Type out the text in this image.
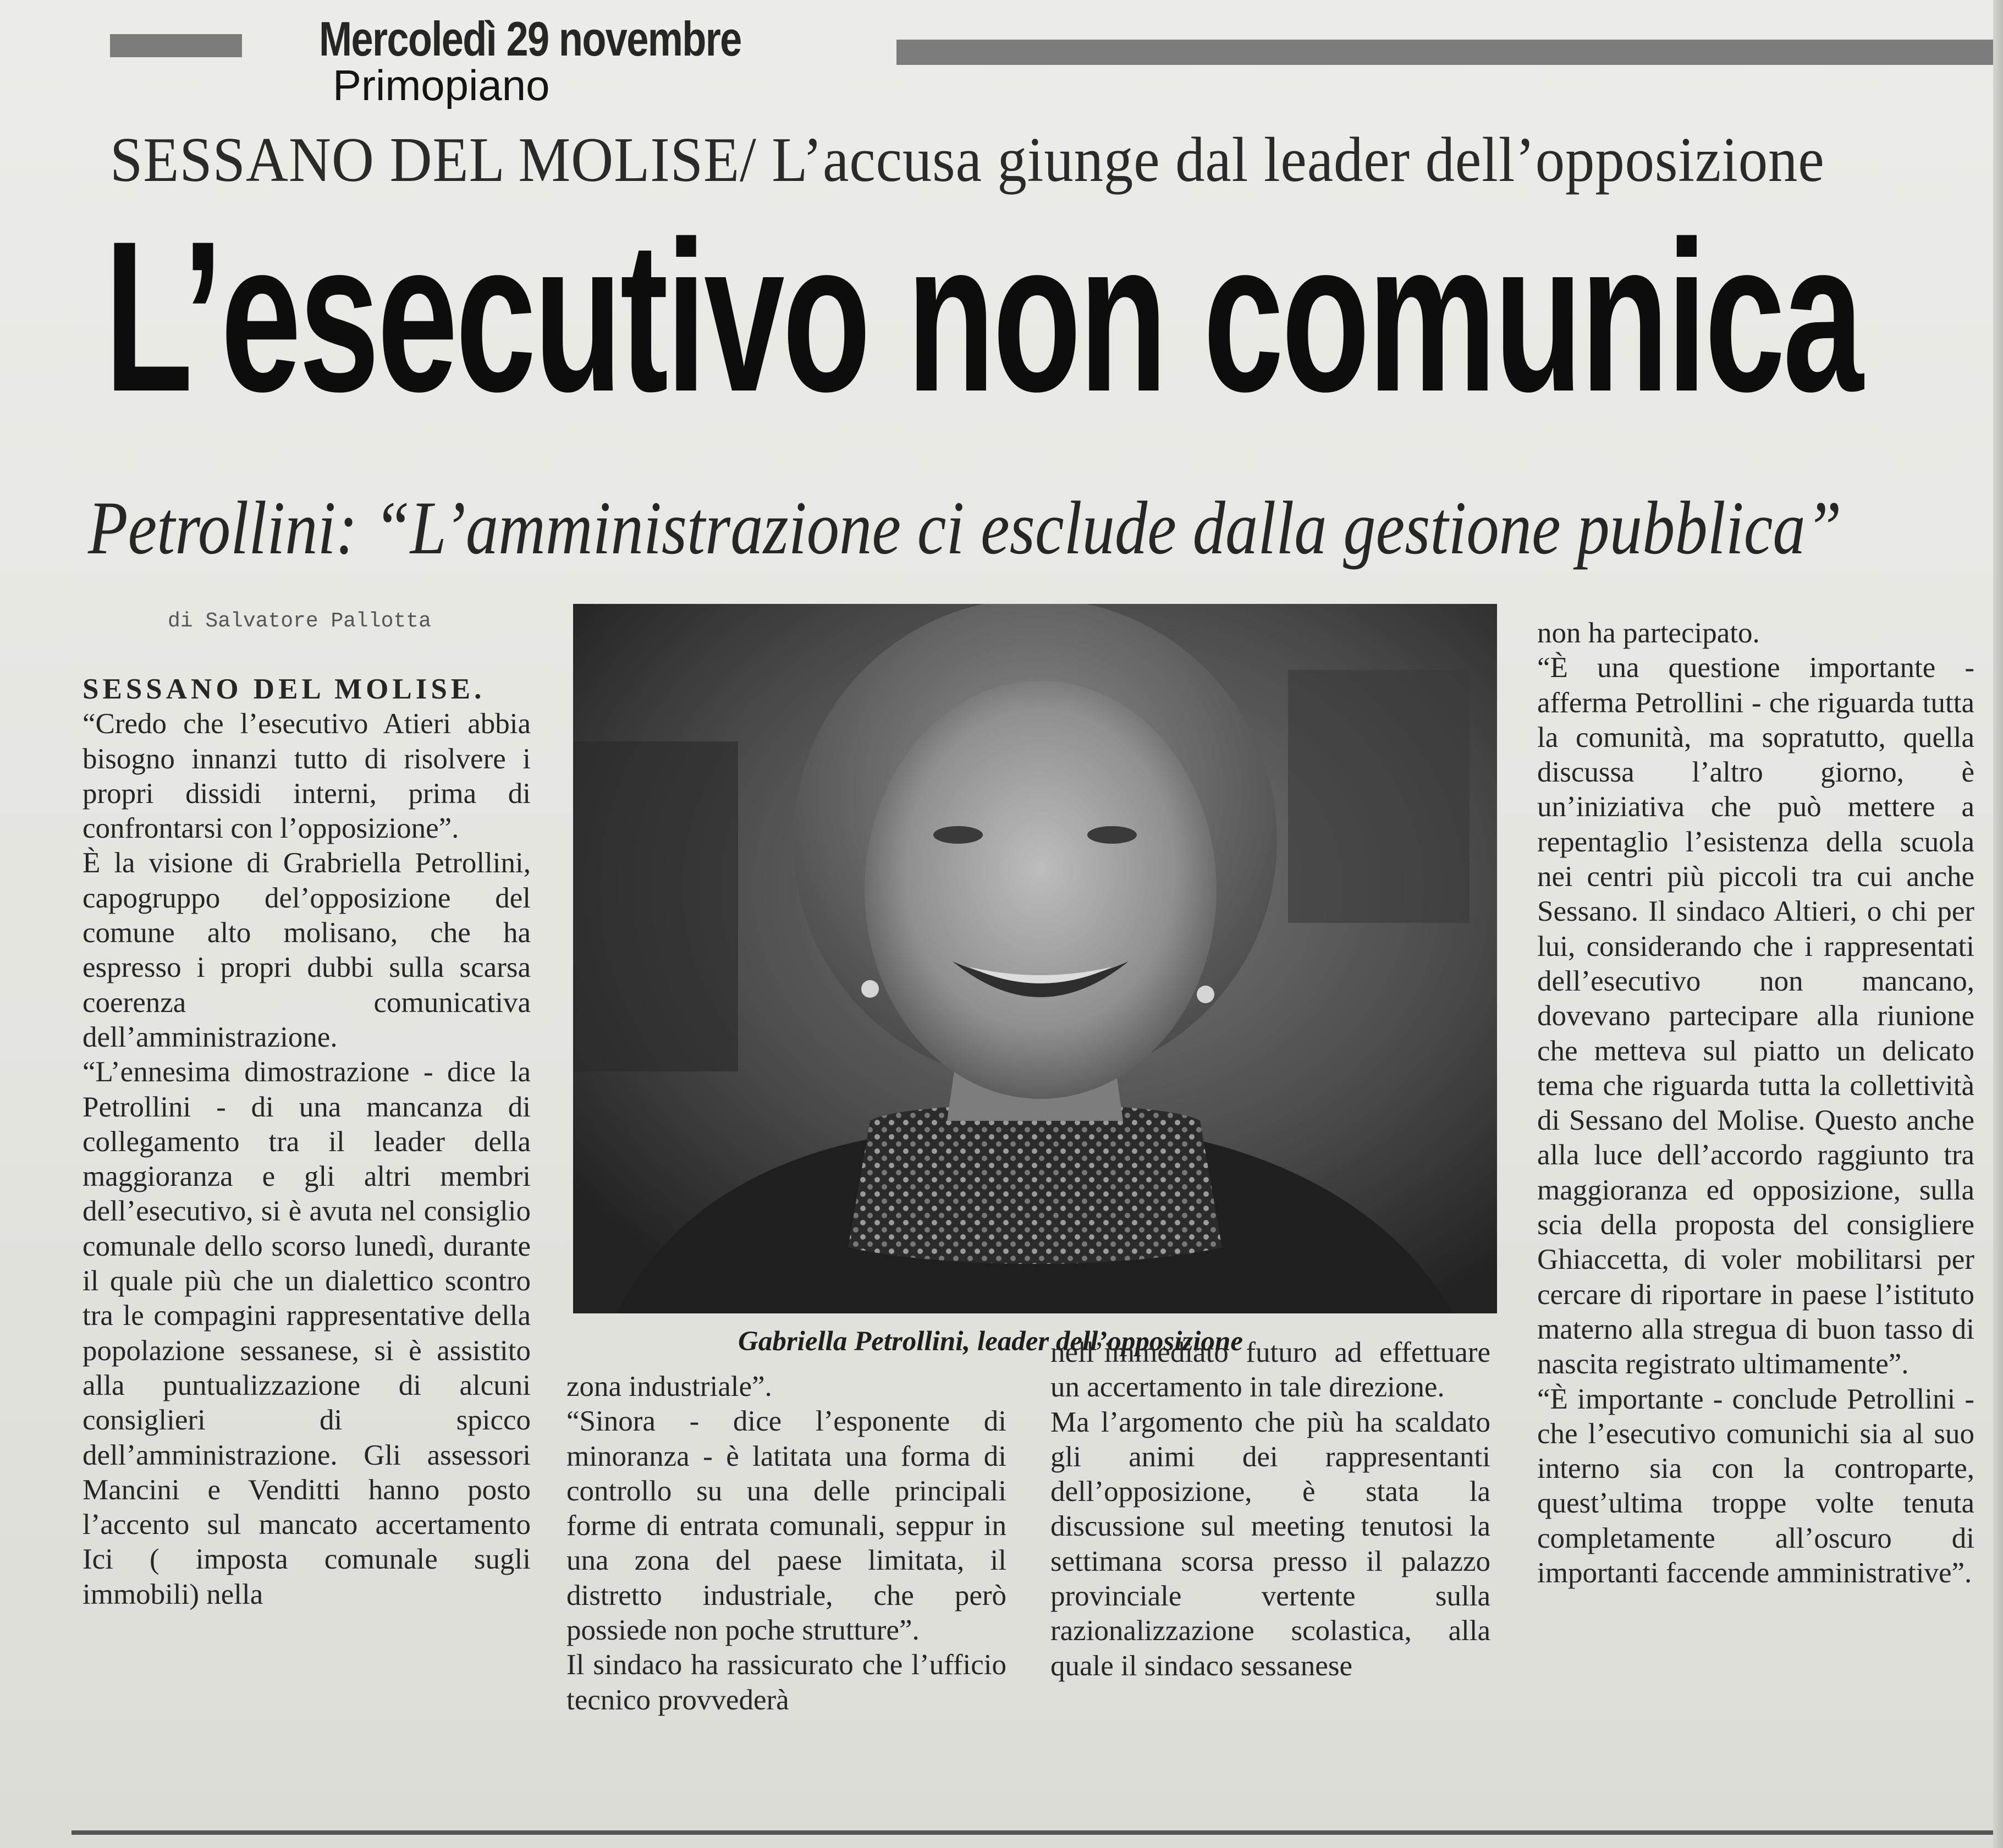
Mercoledì 29 novembre
Primopiano
SESSANO DEL MOLISE/ L’accusa giunge dal leader dell’opposizione
L’esecutivo non comunica
Petrollini: “L’amministrazione ci esclude dalla gestione pubblica”
di Salvatore Pallotta

SESSANO DEL MOLISE.
“Credo che l’esecutivo Atieri abbia bisogno innanzi tutto di risolvere i propri dissidi interni, prima di confrontarsi con l’opposizione”.

È la visione di Grabriella Petrollini, capogruppo del’opposizione del comune alto molisano, che ha espresso i propri dubbi sulla scarsa coerenza comunicativa dell’amministrazione.

“L’ennesima dimostrazione - dice la Petrollini - di una mancanza di collegamento tra il leader della maggioranza e gli altri membri dell’esecutivo, si è avuta nel consiglio comunale dello scorso lunedì, durante il quale più che un dialettico scontro tra le compagini rappresentative della popolazione sessanese, si è assistito alla puntualizzazione di alcuni consiglieri di spicco dell’amministrazione. Gli assessori Mancini e Venditti hanno posto l’accento sul mancato accertamento Ici ( imposta comunale sugli immobili) nella

Gabriella Petrollini, leader dell’opposizione

zona industriale”.

“Sinora - dice l’esponente di minoranza - è latitata una forma di controllo su una delle principali forme di entrata comunali, seppur in una zona del paese limitata, il distretto industriale, che però possiede non poche strutture”.

Il sindaco ha rassicurato che l’ufficio tecnico provvederà

nell’immediato futuro ad effettuare un accertamento in tale direzione.

Ma l’argomento che più ha scaldato gli animi dei rappresentanti dell’opposizione, è stata la discussione sul meeting tenutosi la settimana scorsa presso il palazzo provinciale vertente sulla razionalizzazione scolastica, alla quale il sindaco sessanese

non ha partecipato.

“È una questione importante - afferma Petrollini - che riguarda tutta la comunità, ma sopratutto, quella discussa l’altro giorno, è un’iniziativa che può mettere a repentaglio l’esistenza della scuola nei centri più piccoli tra cui anche Sessano. Il sindaco Altieri, o chi per lui, considerando che i rappresentati dell’esecutivo non mancano, dovevano partecipare alla riunione che metteva sul piatto un delicato tema che riguarda tutta la collettività di Sessano del Molise. Questo anche alla luce dell’accordo raggiunto tra maggioranza ed opposizione, sulla scia della proposta del consigliere Ghiaccetta, di voler mobilitarsi per cercare di riportare in paese l’istituto materno alla stregua di buon tasso di nascita registrato ultimamente”.

“È importante - conclude Petrollini - che l’esecutivo comunichi sia al suo interno sia con la controparte, quest’ultima troppe volte tenuta completamente all’oscuro di importanti faccende amministrative”.
